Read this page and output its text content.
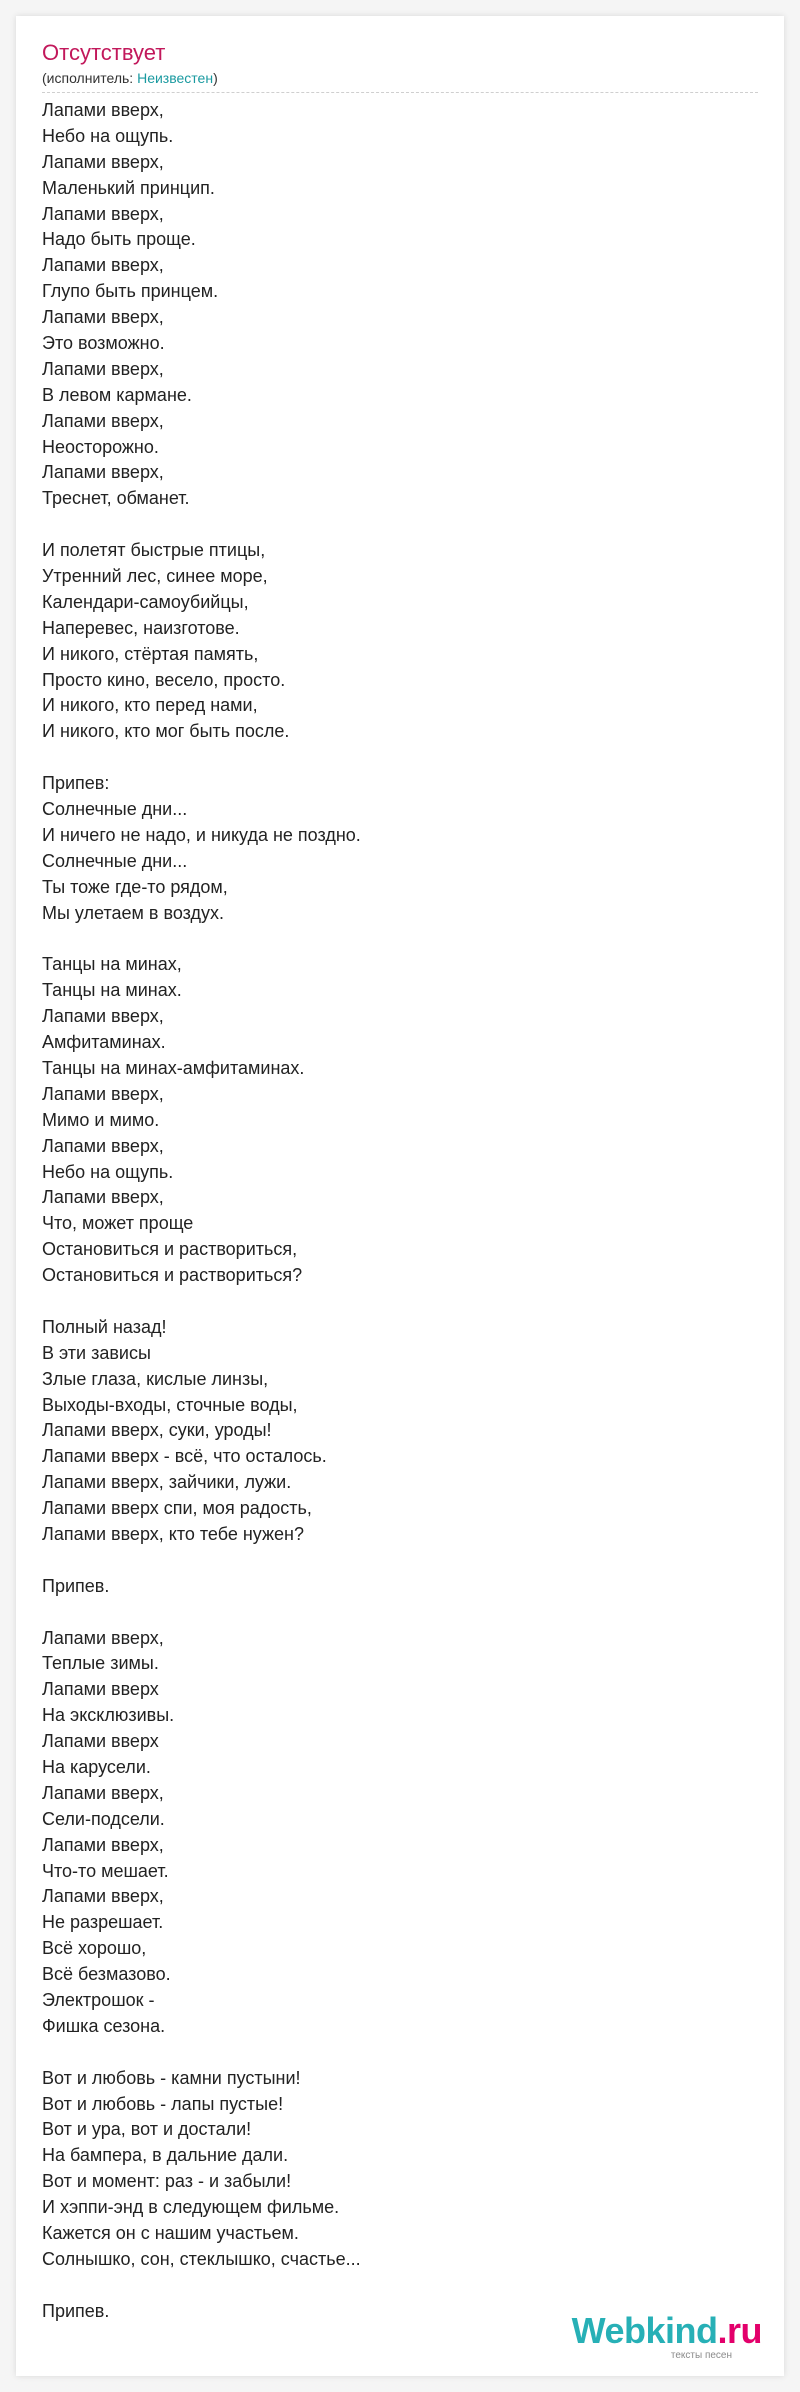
Отсутствует
(исполнитель: Неизвестен)
Лапами вверх,
Небо на ощупь.
Лапами вверх,
Маленький принцип.
Лапами вверх,
Надо быть проще.
Лапами вверх,
Глупо быть принцем.
Лапами вверх,
Это возможно.
Лапами вверх,
В левом кармане.
Лапами вверх,
Неосторожно.
Лапами вверх,
Треснет, обманет.
И полетят быстрые птицы,
Утренний лес, синее море,
Календари-самоубийцы,
Наперевес, наизготове.
И никого, стёртая память,
Просто кино, весело, просто.
И никого, кто перед нами,
И никого, кто мог быть после.
Припев:
Солнечные дни...
И ничего не надо, и никуда не поздно.
Солнечные дни...
Ты тоже где-то рядом,
Мы улетаем в воздух.
Танцы на минах,
Танцы на минах.
Лапами вверх,
Амфитаминах.
Танцы на минах-амфитаминах.
Лапами вверх,
Мимо и мимо.
Лапами вверх,
Небо на ощупь.
Лапами вверх,
Что, может проще
Остановиться и раствориться,
Остановиться и раствориться?
Полный назад!
В эти зависы
Злые глаза, кислые линзы,
Выходы-входы, сточные воды,
Лапами вверх, суки, уроды!
Лапами вверх - всё, что осталось.
Лапами вверх, зайчики, лужи.
Лапами вверх спи, моя радость,
Лапами вверх, кто тебе нужен?
Припев.
Лапами вверх,
Теплые зимы.
Лапами вверх
На эксклюзивы.
Лапами вверх
На карусели.
Лапами вверх,
Сели-подсели.
Лапами вверх,
Что-то мешает.
Лапами вверх,
Не разрешает.
Всё хорошо,
Всё безмазово.
Электрошок -
Фишка сезона.
Вот и любовь - камни пустыни!
Вот и любовь - лапы пустые!
Вот и ура, вот и достали!
На бампера, в дальние дали.
Вот и момент: раз - и забыли!
И хэппи-энд в следующем фильме.
Кажется он с нашим участьем.
Солнышко, сон, стеклышко, счастье...
Припев.	Webkind.ru
тексты песен
